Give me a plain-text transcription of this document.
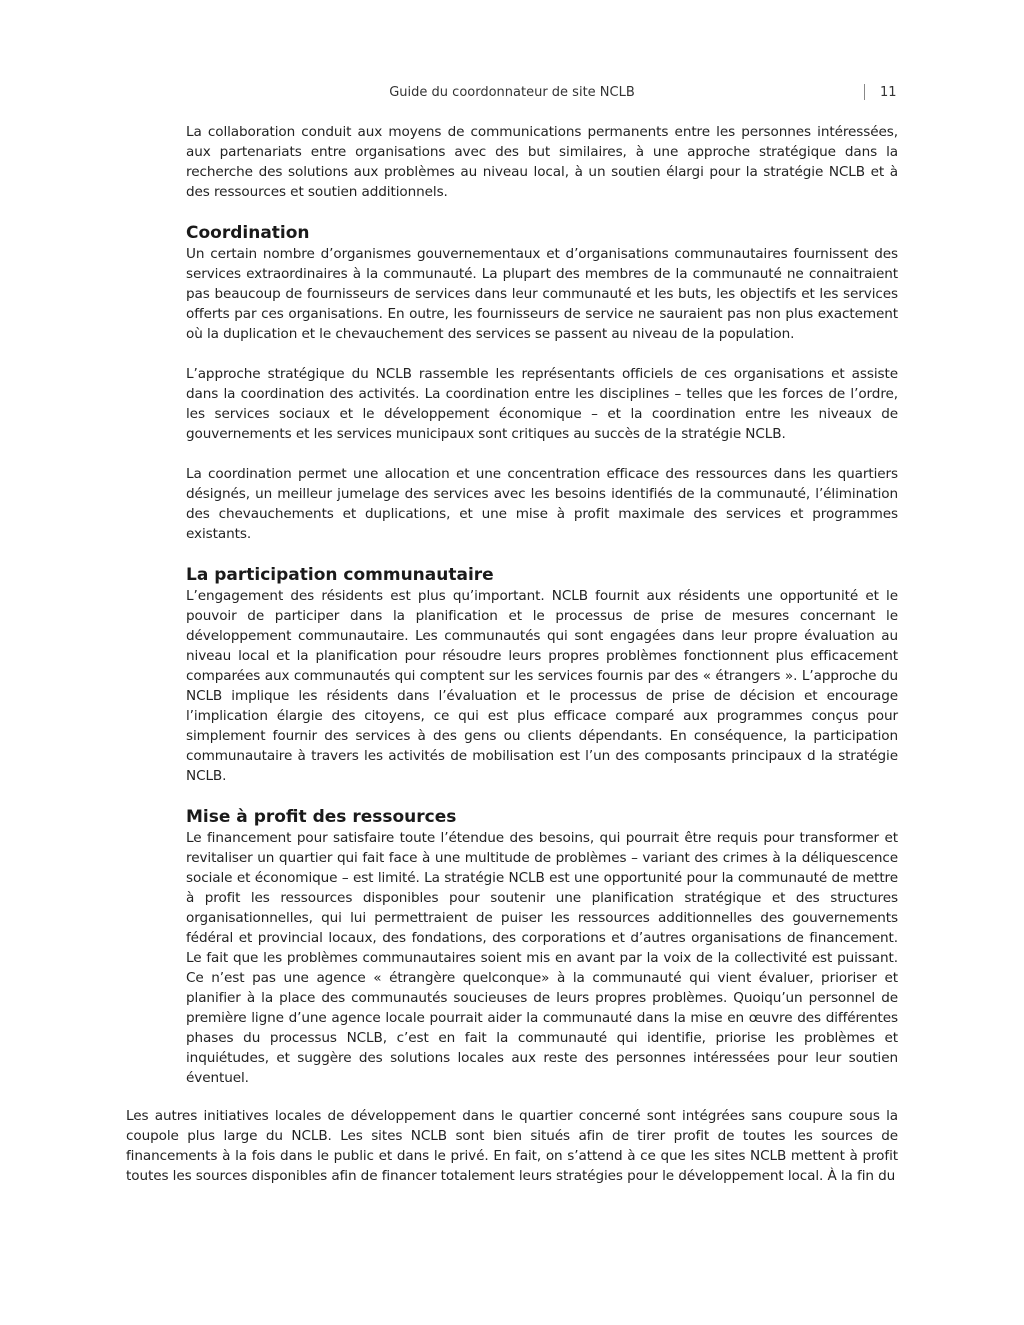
Guide du coordonnateur de site NCLB	11

La collaboration conduit aux moyens de communications permanents entre les personnes intéressées, aux partenariats entre organisations avec des but similaires, à une approche stratégique dans la recherche des solutions aux problèmes au niveau local, à un soutien élargi pour la stratégie NCLB et à des ressources et soutien additionnels.

Coordination

Un certain nombre d’organismes gouvernementaux et d’organisations communautaires fournissent des services extraordinaires à la communauté. La plupart des membres de la communauté ne connaitraient pas beaucoup de fournisseurs de services dans leur communauté et les buts, les objectifs et les services offerts par ces organisations. En outre, les fournisseurs de service ne sauraient pas non plus exactement où la duplication et le chevauchement des services se passent au niveau de la population.

L’approche stratégique du NCLB rassemble les représentants officiels de ces organisations et assiste dans la coordination des activités. La coordination entre les disciplines – telles que les forces de l’ordre, les services sociaux et le développement économique – et la coordination entre les niveaux de gouvernements et les services municipaux sont critiques au succès de la stratégie NCLB.

La coordination permet une allocation et une concentration efficace des ressources dans les quartiers désignés, un meilleur jumelage des services avec les besoins identifiés de la communauté, l’élimination des chevauchements et duplications, et une mise à profit maximale des services et programmes existants.

La participation communautaire

L’engagement des résidents est plus qu’important. NCLB fournit aux résidents une opportunité et le pouvoir de participer dans la planification et le processus de prise de mesures concernant le développement communautaire. Les communautés qui sont engagées dans leur propre évaluation au niveau local et la planification pour résoudre leurs propres problèmes fonctionnent plus efficacement comparées aux communautés qui comptent sur les services fournis par des « étrangers ». L’approche du NCLB implique les résidents dans l’évaluation et le processus de prise de décision et encourage l’implication élargie des citoyens, ce qui est plus efficace comparé aux programmes conçus pour simplement fournir des services à des gens ou clients dépendants. En conséquence, la participation communautaire à travers les activités de mobilisation est l’un des composants principaux d la stratégie NCLB.

Mise à profit des ressources

Le financement pour satisfaire toute l’étendue des besoins, qui pourrait être requis pour transformer et revitaliser un quartier qui fait face à une multitude de problèmes – variant des crimes à la déliquescence sociale et économique – est limité. La stratégie NCLB est une opportunité pour la communauté de mettre à profit les ressources disponibles pour soutenir une planification stratégique et des structures organisationnelles, qui lui permettraient de puiser les ressources additionnelles des gouvernements fédéral et provincial locaux, des fondations, des corporations et d’autres organisations de financement. Le fait que les problèmes communautaires soient mis en avant par la voix de la collectivité est puissant. Ce n’est pas une agence « étrangère quelconque» à la communauté qui vient évaluer, prioriser et planifier à la place des communautés soucieuses de leurs propres problèmes. Quoiqu’un personnel de première ligne d’une agence locale pourrait aider la communauté dans la mise en œuvre des différentes phases du processus NCLB, c’est en fait la communauté qui identifie, priorise les problèmes et inquiétudes, et suggère des solutions locales aux reste des personnes intéressées pour leur soutien éventuel.

Les autres initiatives locales de développement dans le quartier concerné sont intégrées sans coupure sous la coupole plus large du NCLB. Les sites NCLB sont bien situés afin de tirer profit de toutes les sources de financements à la fois dans le public et dans le privé. En fait, on s’attend à ce que les sites NCLB mettent à profit toutes les sources disponibles afin de financer totalement leurs stratégies pour le développement local. À la fin du
